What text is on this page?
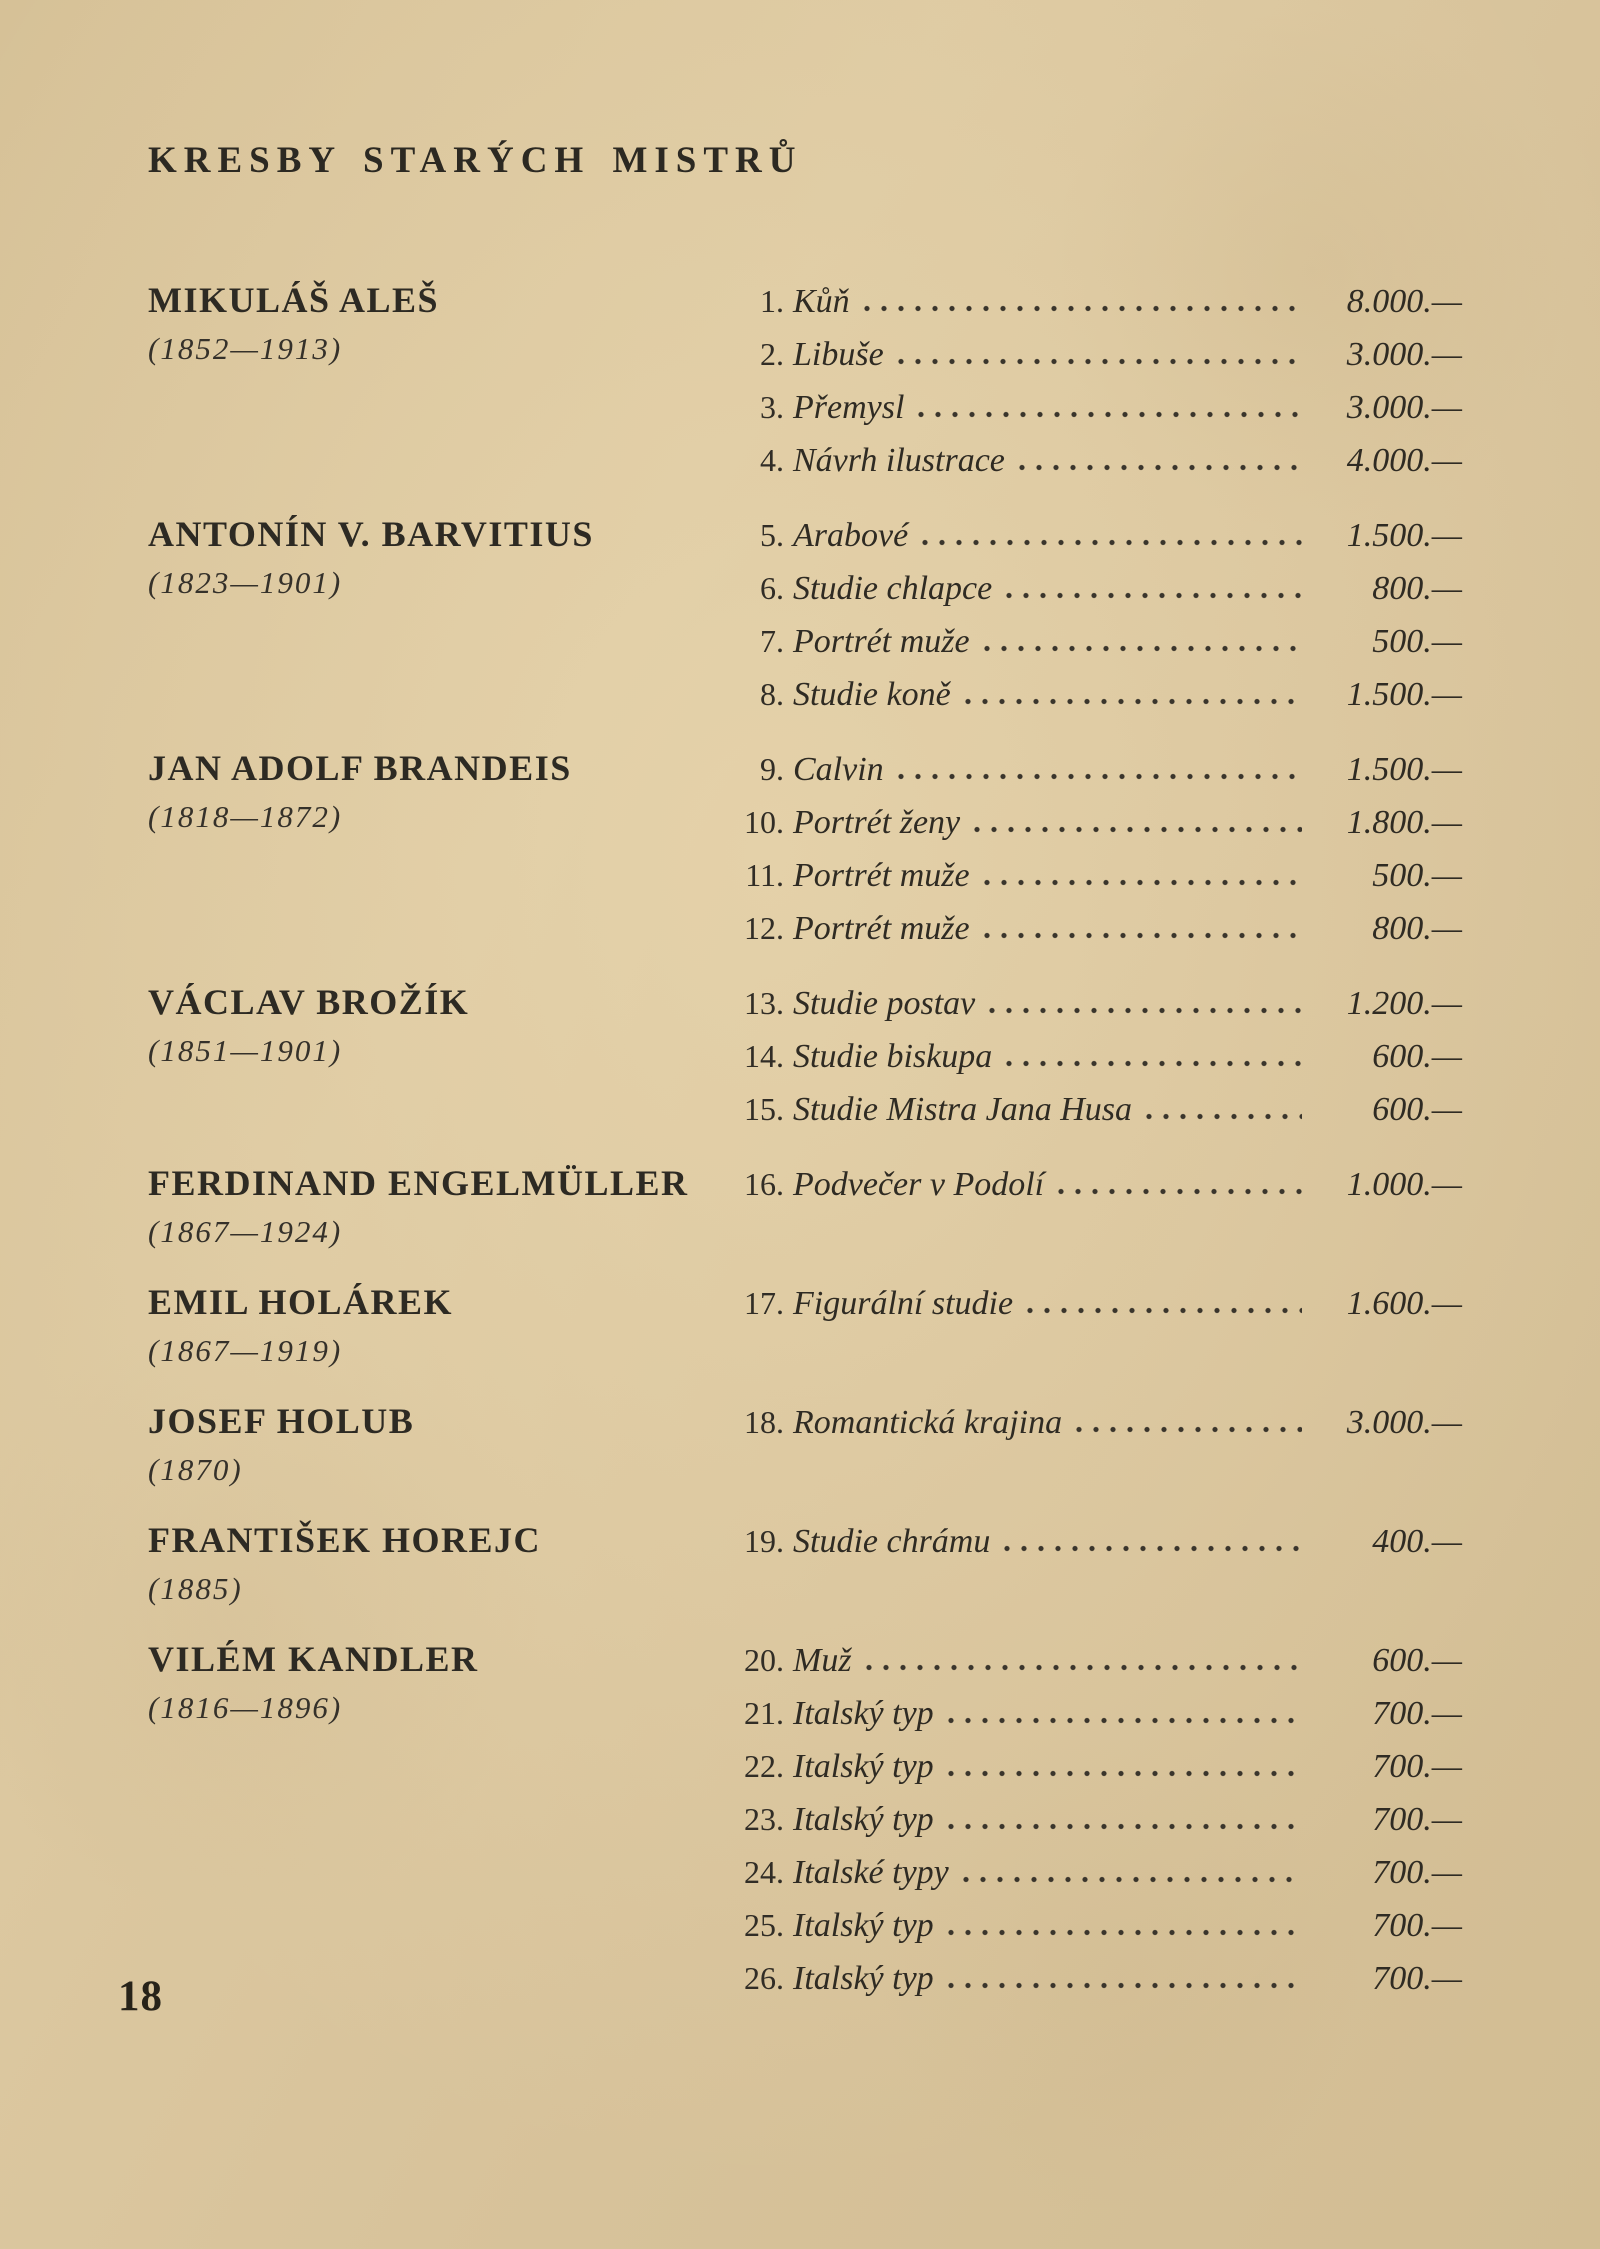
KRESBY STARÝCH MISTRŮ
MIKULÁŠ ALEŠ
(1852—1913)
1. Kůň	8.000.—
2. Libuše	3.000.—
3. Přemysl	3.000.—
4. Návrh ilustrace	4.000.—
ANTONÍN V. BARVITIUS
(1823—1901)
5. Arabové	1.500.—
6. Studie chlapce	800.—
7. Portrét muže	500.—
8. Studie koně	1.500.—
JAN ADOLF BRANDEIS
(1818—1872)
9. Calvin	1.500.—
10. Portrét ženy	1.800.—
11. Portrét muže	500.—
12. Portrét muže	800.—
VÁCLAV BROŽÍK
(1851—1901)
13. Studie postav	1.200.—
14. Studie biskupa	600.—
15. Studie Mistra Jana Husa	600.—
FERDINAND ENGELMÜLLER
(1867—1924)
16. Podvečer v Podolí	1.000.—
EMIL HOLÁREK
(1867—1919)
17. Figurální studie	1.600.—
JOSEF HOLUB
(1870)
18. Romantická krajina	3.000.—
FRANTIŠEK HOREJC
(1885)
19. Studie chrámu	400.—
VILÉM KANDLER
(1816—1896)
20. Muž	600.—
21. Italský typ	700.—
22. Italský typ	700.—
23. Italský typ	700.—
24. Italské typy	700.—
25. Italský typ	700.—
26. Italský typ	700.—
18
